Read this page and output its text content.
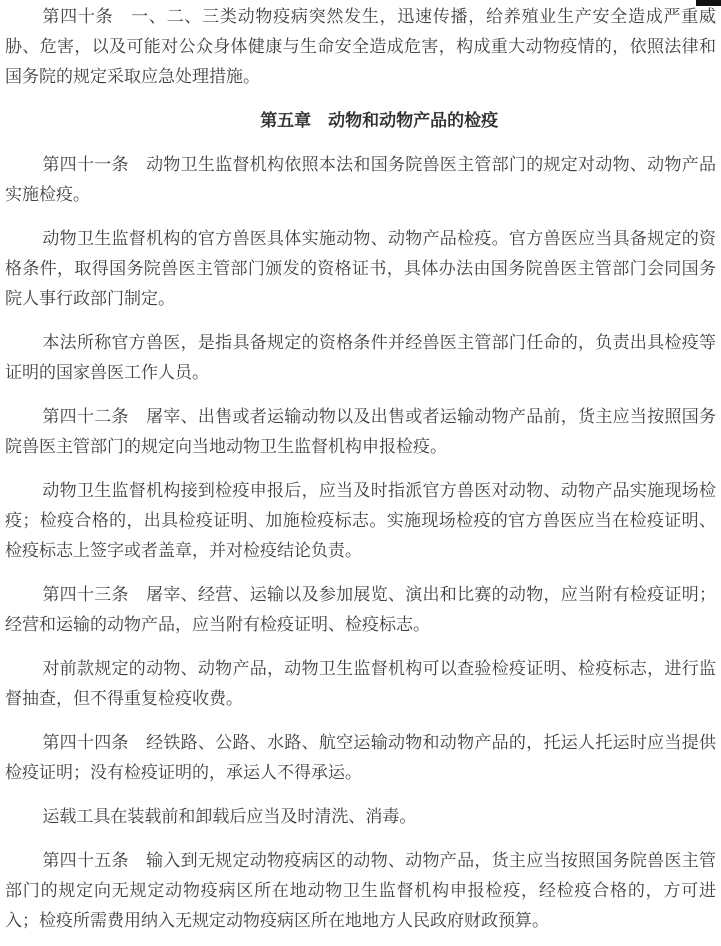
第四十条　一、二、三类动物疫病突然发生，迅速传播，给养殖业生产安全造成严重威胁、危害，以及可能对公众身体健康与生命安全造成危害，构成重大动物疫情的，依照法律和国务院的规定采取应急处理措施。

第五章　动物和动物产品的检疫

第四十一条　动物卫生监督机构依照本法和国务院兽医主管部门的规定对动物、动物产品实施检疫。

动物卫生监督机构的官方兽医具体实施动物、动物产品检疫。官方兽医应当具备规定的资格条件，取得国务院兽医主管部门颁发的资格证书，具体办法由国务院兽医主管部门会同国务院人事行政部门制定。

本法所称官方兽医，是指具备规定的资格条件并经兽医主管部门任命的，负责出具检疫等证明的国家兽医工作人员。

第四十二条　屠宰、出售或者运输动物以及出售或者运输动物产品前，货主应当按照国务院兽医主管部门的规定向当地动物卫生监督机构申报检疫。

动物卫生监督机构接到检疫申报后，应当及时指派官方兽医对动物、动物产品实施现场检疫；检疫合格的，出具检疫证明、加施检疫标志。实施现场检疫的官方兽医应当在检疫证明、检疫标志上签字或者盖章，并对检疫结论负责。

第四十三条　屠宰、经营、运输以及参加展览、演出和比赛的动物，应当附有检疫证明；经营和运输的动物产品，应当附有检疫证明、检疫标志。

对前款规定的动物、动物产品，动物卫生监督机构可以查验检疫证明、检疫标志，进行监督抽查，但不得重复检疫收费。

第四十四条　经铁路、公路、水路、航空运输动物和动物产品的，托运人托运时应当提供检疫证明；没有检疫证明的，承运人不得承运。

运载工具在装载前和卸载后应当及时清洗、消毒。

第四十五条　输入到无规定动物疫病区的动物、动物产品，货主应当按照国务院兽医主管部门的规定向无规定动物疫病区所在地动物卫生监督机构申报检疫，经检疫合格的，方可进入；检疫所需费用纳入无规定动物疫病区所在地地方人民政府财政预算。
